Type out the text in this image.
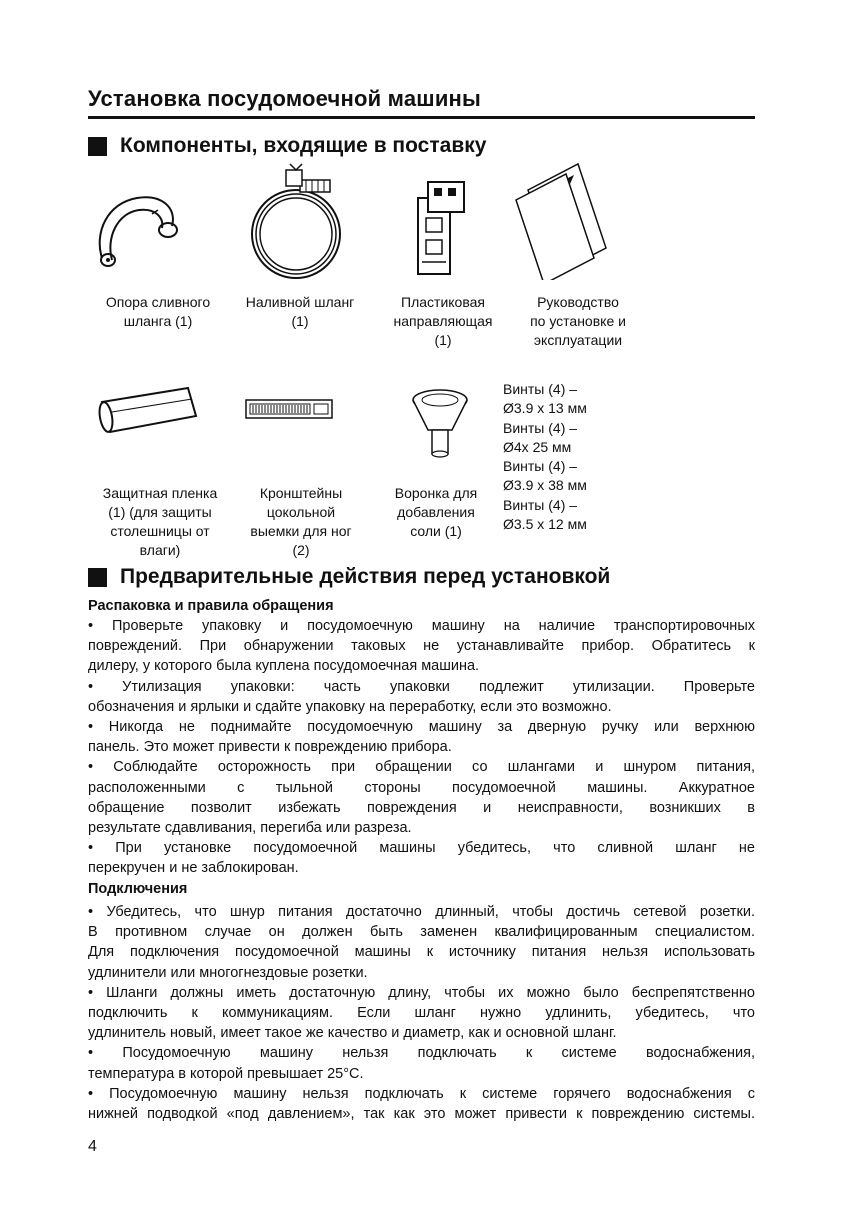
Установка посудомоечной машины
Компоненты, входящие в поставку
Опора сливного
шланга (1)
Наливной шланг
(1)
Пластиковая
направляющая
(1)
Руководство
по установке и
эксплуатации
Винты (4) –
Ø3.9 x 13 мм
Винты (4) –
Ø4x 25 мм
Винты (4) –
Ø3.9 x 38 мм
Винты (4) –
Ø3.5 x 12 мм
Защитная пленка
(1) (для защиты
столешницы от
влаги)
Кронштейны
цокольной
выемки для ног
(2)
Воронка для
добавления
соли (1)
Предварительные действия перед установкой
Распаковка и правила обращения
• Проверьте упаковку и посудомоечную машину на наличие транспортировочных
повреждений. При обнаружении таковых не устанавливайте прибор. Обратитесь к
дилеру, у которого была куплена посудомоечная машина.
• Утилизация упаковки: часть упаковки подлежит утилизации. Проверьте
обозначения и ярлыки и сдайте упаковку на переработку, если это возможно.
• Никогда не поднимайте посудомоечную машину за дверную ручку или верхнюю
панель. Это может привести к повреждению прибора.
• Соблюдайте осторожность при обращении со шлангами и шнуром питания,
расположенными с тыльной стороны посудомоечной машины. Аккуратное
обращение позволит избежать повреждения и неисправности, возникших в
результате сдавливания, перегиба или разреза.
• При установке посудомоечной машины убедитесь, что сливной шланг не
перекручен и не заблокирован.
Подключения
• Убедитесь, что шнур питания достаточно длинный, чтобы достичь сетевой розетки.
В противном случае он должен быть заменен квалифицированным специалистом.
Для подключения посудомоечной машины к источнику питания нельзя использовать
удлинители или многогнездовые розетки.
• Шланги должны иметь достаточную длину, чтобы их можно было беспрепятственно
подключить к коммуникациям. Если шланг нужно удлинить, убедитесь, что
удлинитель новый, имеет такое же качество и диаметр, как и основной шланг.
• Посудомоечную машину нельзя подключать к системе водоснабжения,
температура в которой превышает 25°С.
• Посудомоечную машину нельзя подключать к системе горячего водоснабжения с
нижней подводкой «под давлением», так как это может привести к повреждению системы.
4
